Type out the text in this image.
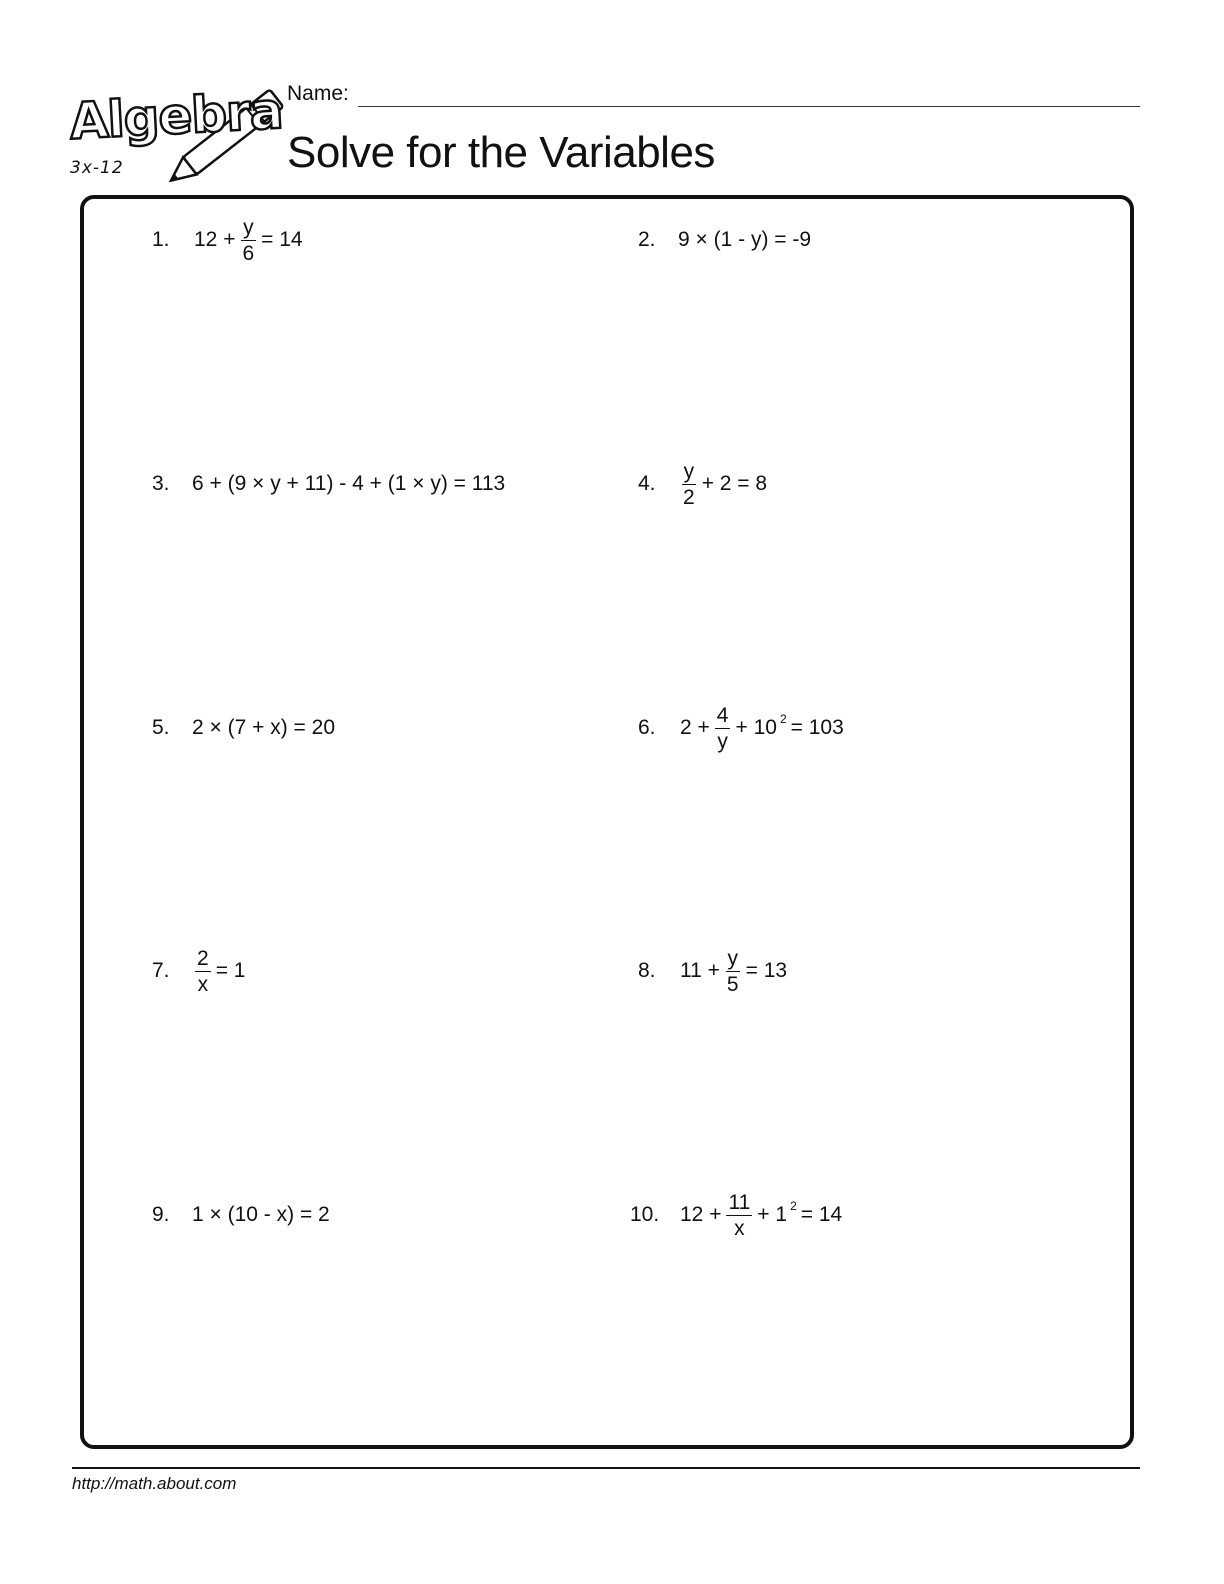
Algebra
3x-12
Name:
Solve for the Variables
1.	$12 + \frac{y}{6} = 14$	2.	9 × (1 - y) = -9
3.	6 + (9 × y + 11) - 4 + (1 × y) = 113	4.	$\frac{y}{2} + 2 = 8$
5.	2 × (7 + x) = 20	6.	$2 + \frac{4}{y} + 10$ 2 = 103
7.	$\frac{2}{x} = 1$	8.	$11 + \frac{y}{5} = 13$
9.	1 × (10 - x) = 2	10. $12 + \frac{11}{x} + 1$ 2 = 14
http://math.about.com
